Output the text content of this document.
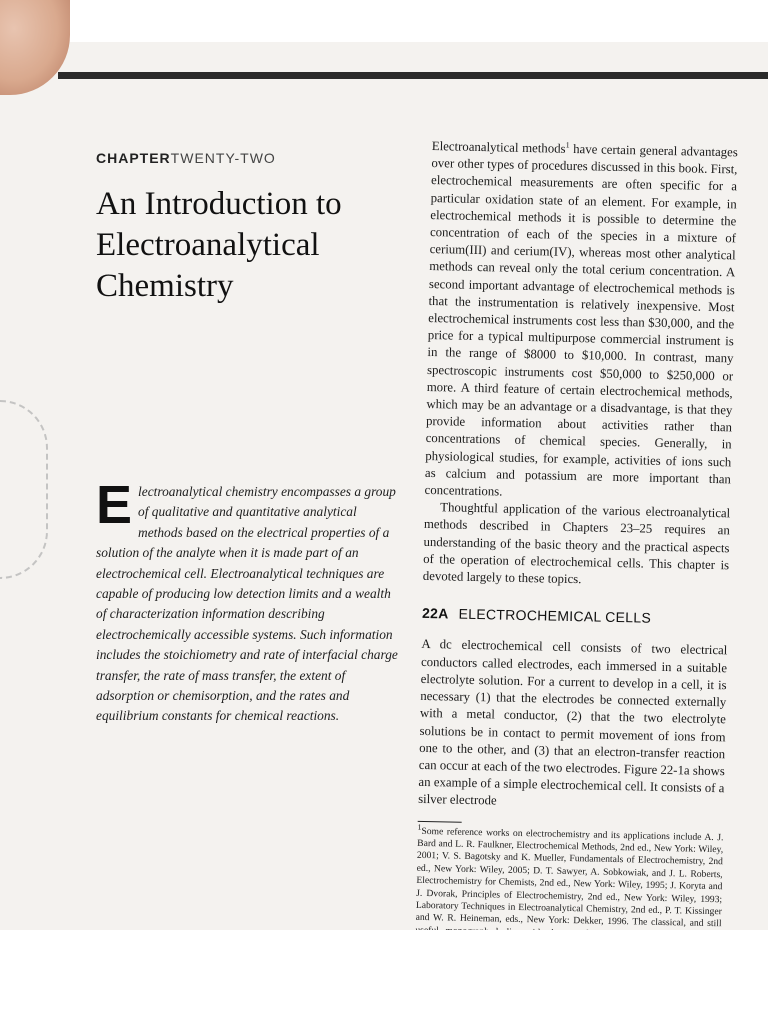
CHAPTERTWENTY-TWO
An Introduction to
Electroanalytical
Chemistry
Electroanalytical chemistry encompasses a group of qualitative and quantitative analytical methods based on the electrical properties of a solution of the analyte when it is made part of an electrochemical cell. Electroanalytical techniques are capable of producing low detection limits and a wealth of characterization information describing electrochemically accessible systems. Such information includes the stoichiometry and rate of interfacial charge transfer, the rate of mass transfer, the extent of adsorption or chemisorption, and the rates and equilibrium constants for chemical reactions.

Electroanalytical methods$^1$ have certain general advantages over other types of procedures discussed in this book. First, electrochemical measurements are often specific for a particular oxidation state of an element. For example, in electrochemical methods it is possible to determine the concentration of each of the species in a mixture of cerium(III) and cerium(IV), whereas most other analytical methods can reveal only the total cerium concentration. A second important advantage of electrochemical methods is that the instrumentation is relatively inexpensive. Most electrochemical instruments cost less than $30,000, and the price for a typical multipurpose commercial instrument is in the range of $8000 to $10,000. In contrast, many spectroscopic instruments cost $50,000 to $250,000 or more. A third feature of certain electrochemical methods, which may be an advantage or a disadvantage, is that they provide information about activities rather than concentrations of chemical species. Generally, in physiological studies, for example, activities of ions such as calcium and potassium are more important than concentrations.

Thoughtful application of the various electroanalytical methods described in Chapters 23–25 requires an understanding of the basic theory and the practical aspects of the operation of electrochemical cells. This chapter is devoted largely to these topics.

22A ELECTROCHEMICAL CELLS

A dc electrochemical cell consists of two electrical conductors called electrodes, each immersed in a suitable electrolyte solution. For a current to develop in a cell, it is necessary (1) that the electrodes be connected externally with a metal conductor, (2) that the two electrolyte solutions be in contact to permit movement of ions from one to the other, and (3) that an electron-transfer reaction can occur at each of the two electrodes. Figure 22-1a shows an example of a simple electrochemical cell. It consists of a silver electrode

$^1$Some reference works on electrochemistry and its applications include A. J. Bard and L. R. Faulkner, Electrochemical Methods, 2nd ed., New York: Wiley, 2001; V. S. Bagotsky and K. Mueller, Fundamentals of Electrochemistry, 2nd ed., New York: Wiley, 2005; D. T. Sawyer, A. Sobkowiak, and J. L. Roberts, Electrochemistry for Chemists, 2nd ed., New York: Wiley, 1995; J. Koryta and J. Dvorak, Principles of Electrochemistry, 2nd ed., New York: Wiley, 1993; Laboratory Techniques in Electroanalytical Chemistry, 2nd ed., P. T. Kissinger and W. R. Heineman, eds., New York: Dekker, 1996. The classical, and still
